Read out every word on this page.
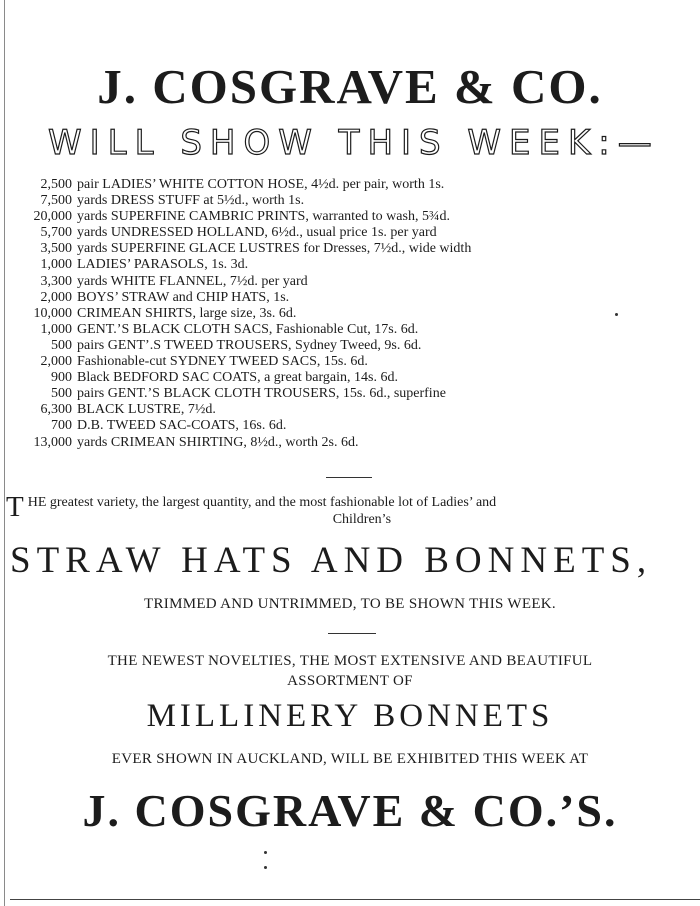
J. COSGRAVE & CO.
WILL SHOW THIS WEEK:—
2,500 pair LADIES’ WHITE COTTON HOSE, 4½d. per pair, worth 1s.
7,500 yards DRESS STUFF at 5½d., worth 1s.
20,000 yards SUPERFINE CAMBRIC PRINTS, warranted to wash, 5¾d.
5,700 yards UNDRESSED HOLLAND, 6½d., usual price 1s. per yard
3,500 yards SUPERFINE GLACE LUSTRES for Dresses, 7½d., wide width
1,000 LADIES’ PARASOLS, 1s. 3d.
3,300 yards WHITE FLANNEL, 7½d. per yard
2,000 BOYS’ STRAW and CHIP HATS, 1s.
10,000 CRIMEAN SHIRTS, large size, 3s. 6d.
1,000 GENT.’S BLACK CLOTH SACS, Fashionable Cut, 17s. 6d.
500 pairs GENT’.S TWEED TROUSERS, Sydney Tweed, 9s. 6d.
2,000 Fashionable-cut SYDNEY TWEED SACS, 15s. 6d.
900 Black BEDFORD SAC COATS, a great bargain, 14s. 6d.
500 pairs GENT.’S BLACK CLOTH TROUSERS, 15s. 6d., superfine
6,300 BLACK LUSTRE, 7½d.
700 D.B. TWEED SAC-COATS, 16s. 6d.
13,000 yards CRIMEAN SHIRTING, 8½d., worth 2s. 6d.
T HE greatest variety, the largest quantity, and the most fashionable lot of Ladies’ and
Children’s
STRAW HATS AND BONNETS,
TRIMMED AND UNTRIMMED, TO BE SHOWN THIS WEEK.
THE NEWEST NOVELTIES, THE MOST EXTENSIVE AND BEAUTIFUL
ASSORTMENT OF
MILLINERY BONNETS
EVER SHOWN IN AUCKLAND, WILL BE EXHIBITED THIS WEEK AT
J. COSGRAVE & CO.’S.
